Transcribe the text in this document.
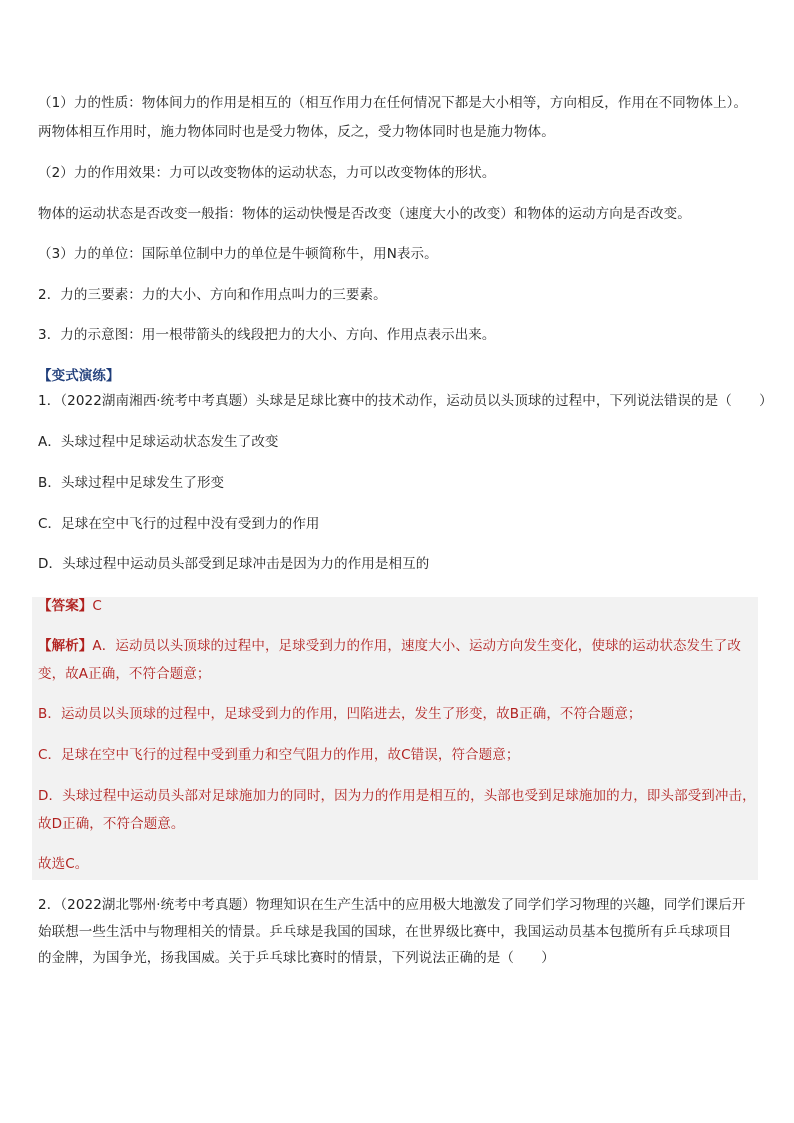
（1）力的性质：物体间力的作用是相互的（相互作用力在任何情况下都是大小相等，方向相反，作用在不同物体上）。
两物体相互作用时，施力物体同时也是受力物体，反之，受力物体同时也是施力物体。
（2）力的作用效果：力可以改变物体的运动状态，力可以改变物体的形状。
物体的运动状态是否改变一般指：物体的运动快慢是否改变（速度大小的改变）和物体的运动方向是否改变。
（3）力的单位：国际单位制中力的单位是牛顿简称牛，用N表示。
2．力的三要素：力的大小、方向和作用点叫力的三要素。
3．力的示意图：用一根带箭头的线段把力的大小、方向、作用点表示出来。
【变式演练】
1．（2022湖南湘西·统考中考真题）头球是足球比赛中的技术动作，运动员以头顶球的过程中，下列说法错误的是（　　）
A．头球过程中足球运动状态发生了改变
B．头球过程中足球发生了形变
C．足球在空中飞行的过程中没有受到力的作用
D．头球过程中运动员头部受到足球冲击是因为力的作用是相互的
【答案】C
【解析】A．运动员以头顶球的过程中，足球受到力的作用，速度大小、运动方向发生变化，使球的运动状态发生了改
变，故A正确，不符合题意；
B．运动员以头顶球的过程中，足球受到力的作用，凹陷进去，发生了形变，故B正确，不符合题意；
C．足球在空中飞行的过程中受到重力和空气阻力的作用，故C错误，符合题意；
D．头球过程中运动员头部对足球施加力的同时，因为力的作用是相互的，头部也受到足球施加的力，即头部受到冲击，
故D正确，不符合题意。
故选C。
2．（2022湖北鄂州·统考中考真题）物理知识在生产生活中的应用极大地激发了同学们学习物理的兴趣，同学们课后开
始联想一些生活中与物理相关的情景。乒乓球是我国的国球，在世界级比赛中，我国运动员基本包揽所有乒乓球项目
的金牌，为国争光，扬我国威。关于乒乓球比赛时的情景，下列说法正确的是（　　）
